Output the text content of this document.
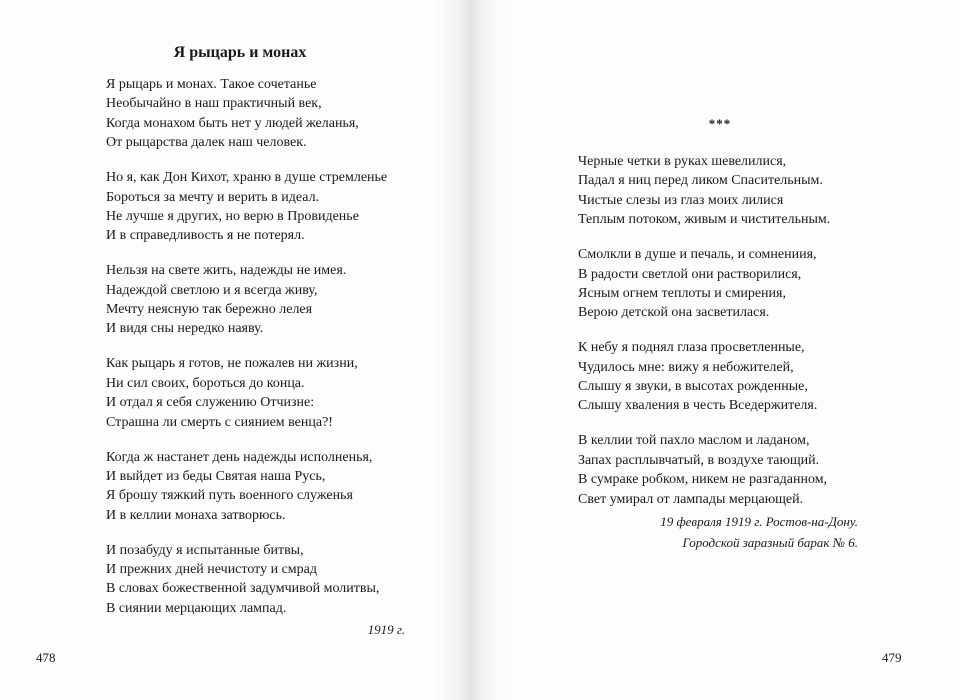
Я рыцарь и монах
Я рыцарь и монах. Такое сочетанье
Необычайно в наш практичный век,
Когда монахом быть нет у людей желанья,
От рыцарства далек наш человек.
Но я, как Дон Кихот, храню в душе стремленье
Бороться за мечту и верить в идеал.
Не лучше я других, но верю в Провиденье
И в справедливость я не потерял.
Нельзя на свете жить, надежды не имея.
Надеждой светлою и я всегда живу,
Мечту неясную так бережно лелея
И видя сны нередко наяву.
Как рыцарь я готов, не пожалев ни жизни,
Ни сил своих, бороться до конца.
И отдал я себя служению Отчизне:
Страшна ли смерть с сиянием венца?!
Когда ж настанет день надежды исполненья,
И выйдет из беды Святая наша Русь,
Я брошу тяжкий путь военного служенья
И в келлии монаха затворюсь.
И позабуду я испытанные битвы,
И прежних дней нечистоту и смрад
В словах божественной задумчивой молитвы,
В сиянии мерцающих лампад.
1919 г.
478
***
Черные четки в руках шевелилися,
Падал я ниц перед ликом Спасительным.
Чистые слезы из глаз моих лилися
Теплым потоком, живым и чистительным.
Смолкли в душе и печаль, и сомнениия,
В радости светлой они растворилися,
Ясным огнем теплоты и смирения,
Верою детской она засветилася.
К небу я поднял глаза просветленные,
Чудилось мне: вижу я небожителей,
Слышу я звуки, в высотах рожденные,
Слышу хваления в честь Вседержителя.
В келлии той пахло маслом и ладаном,
Запах расплывчатый, в воздухе тающий.
В сумраке робком, никем не разгаданном,
Свет умирал от лампады мерцающей.
19 февраля 1919 г. Ростов-на-Дону.
Городской заразный барак № 6.
479
